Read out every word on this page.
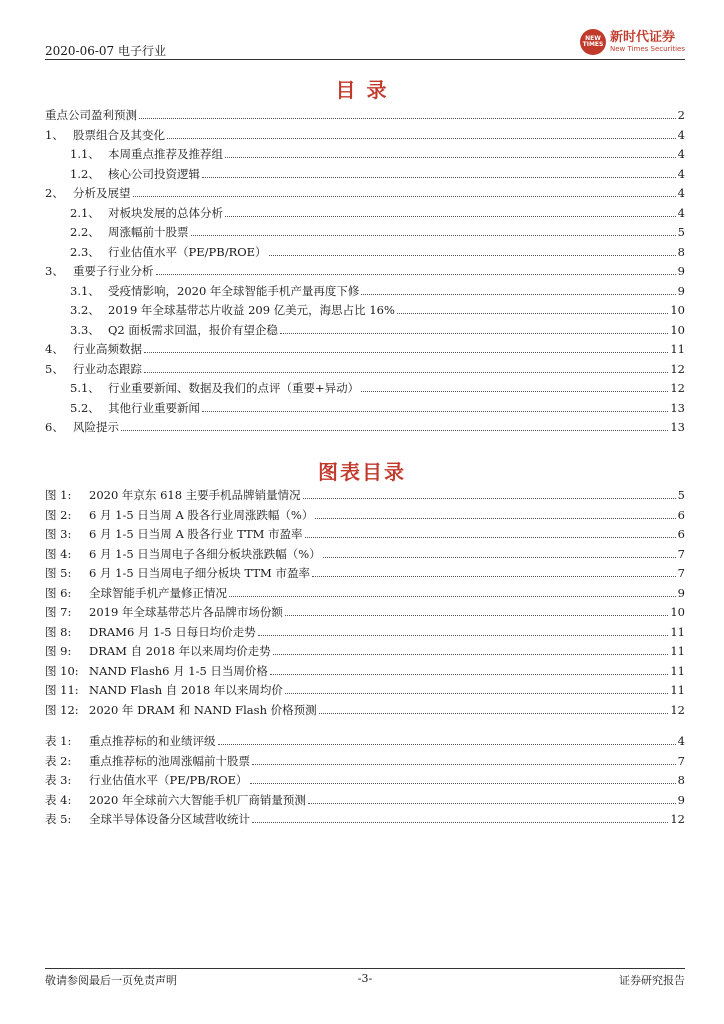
2020-06-07 电子行业
NEW TIMES 新时代证券
New Times Securities
目 录
重点公司盈利预测	2
1、 股票组合及其变化	4
1.1、 本周重点推荐及推荐组	4
1.2、 核心公司投资逻辑	4
2、 分析及展望	4
2.1、 对板块发展的总体分析	4
2.2、 周涨幅前十股票	5
2.3、 行业估值水平（PE/PB/ROE）	8
3、 重要子行业分析	9
3.1、 受疫情影响，2020 年全球智能手机产量再度下修	9
3.2、 2019 年全球基带芯片收益 209 亿美元，海思占比 16%	10
3.3、 Q2 面板需求回温，报价有望企稳	10
4、 行业高频数据	11
5、 行业动态跟踪	12
5.1、 行业重要新闻、数据及我们的点评（重要+异动）	12
5.2、 其他行业重要新闻	13
6、 风险提示	13
图表目录
图 1: 2020 年京东 618 主要手机品牌销量情况	5
图 2: 6 月 1-5 日当周 A 股各行业周涨跌幅（%）	6
图 3: 6 月 1-5 日当周 A 股各行业 TTM 市盈率	6
图 4: 6 月 1-5 日当周电子各细分板块涨跌幅（%）	7
图 5: 6 月 1-5 日当周电子细分板块 TTM 市盈率	7
图 6: 全球智能手机产量修正情况	9
图 7: 2019 年全球基带芯片各品牌市场份额	10
图 8: DRAM6 月 1-5 日每日均价走势	11
图 9: DRAM 自 2018 年以来周均价走势	11
图 10: NAND Flash6 月 1-5 日当周价格	11
图 11: NAND Flash 自 2018 年以来周均价	11
图 12: 2020 年 DRAM 和 NAND Flash 价格预测	12
表 1: 重点推荐标的和业绩评级	4
表 2: 重点推荐标的池周涨幅前十股票	7
表 3: 行业估值水平（PE/PB/ROE）	8
表 4: 2020 年全球前六大智能手机厂商销量预测	9
表 5: 全球半导体设备分区域营收统计	12
敬请参阅最后一页免责声明	-3-	证券研究报告
